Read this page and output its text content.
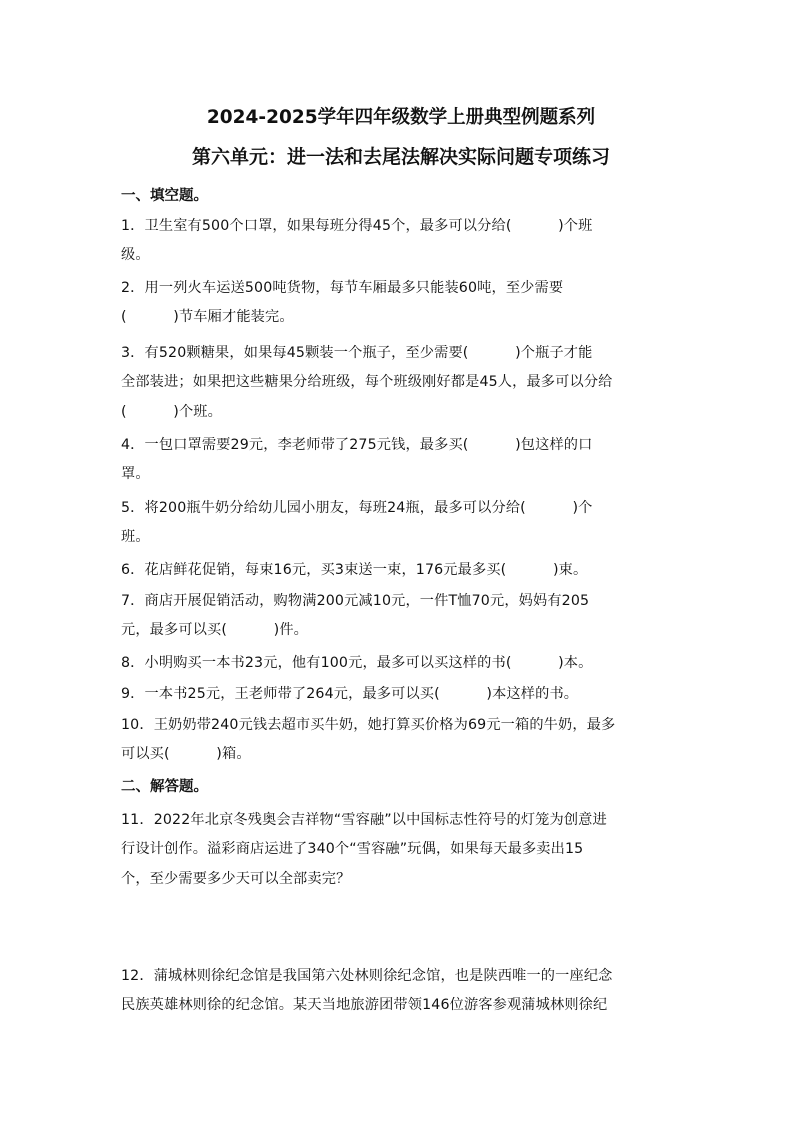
2024-2025学年四年级数学上册典型例题系列
第六单元：进一法和去尾法解决实际问题专项练习
一、填空题。
1．卫生室有500个口罩，如果每班分得45个，最多可以分给(          )个班
级。
2．用一列火车运送500吨货物，每节车厢最多只能装60吨，至少需要
(          )节车厢才能装完。
3．有520颗糖果，如果每45颗装一个瓶子，至少需要(          )个瓶子才能
全部装进；如果把这些糖果分给班级，每个班级刚好都是45人，最多可以分给
(          )个班。
4．一包口罩需要29元，李老师带了275元钱，最多买(          )包这样的口
罩。
5．将200瓶牛奶分给幼儿园小朋友，每班24瓶，最多可以分给(          )个
班。
6．花店鲜花促销，每束16元，买3束送一束，176元最多买(          )束。
7．商店开展促销活动，购物满200元减10元，一件T恤70元，妈妈有205
元，最多可以买(          )件。
8．小明购买一本书23元，他有100元，最多可以买这样的书(          )本。
9．一本书25元，王老师带了264元，最多可以买(          )本这样的书。
10．王奶奶带240元钱去超市买牛奶，她打算买价格为69元一箱的牛奶，最多
可以买(          )箱。
二、解答题。
11．2022年北京冬残奥会吉祥物“雪容融”以中国标志性符号的灯笼为创意进
行设计创作。溢彩商店运进了340个“雪容融”玩偶，如果每天最多卖出15
个，至少需要多少天可以全部卖完？
12．蒲城林则徐纪念馆是我国第六处林则徐纪念馆，也是陕西唯一的一座纪念
民族英雄林则徐的纪念馆。某天当地旅游团带领146位游客参观蒲城林则徐纪
